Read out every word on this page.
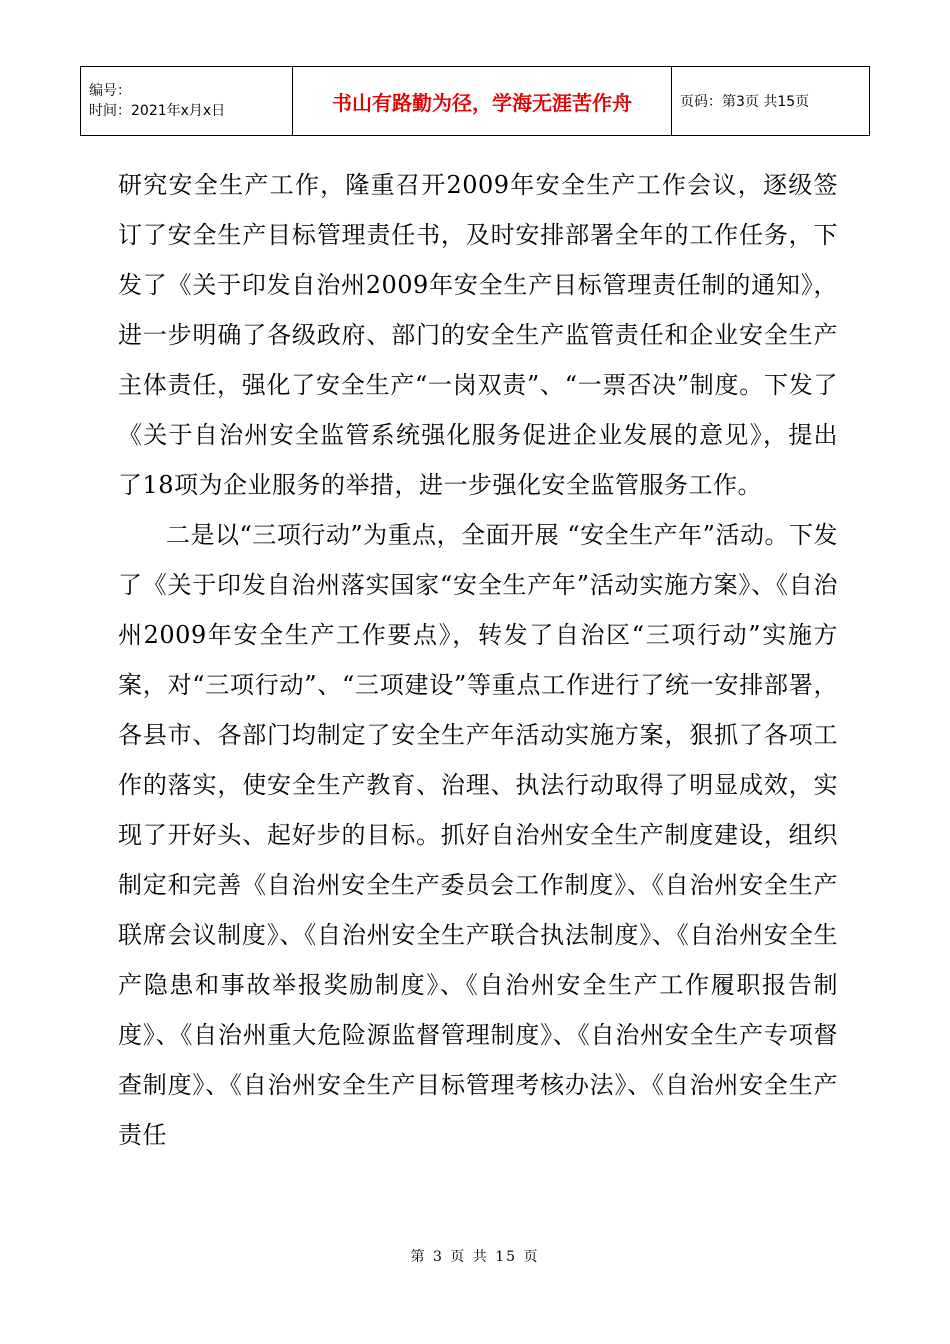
编号：
时间：2021年x月x日	书山有路勤为径，学海无涯苦作舟	页码：第3页 共15页

研究安全生产工作，隆重召开2009年安全生产工作会议，逐级签订了安全生产目标管理责任书，及时安排部署全年的工作任务，下发了《关于印发自治州2009年安全生产目标管理责任制的通知》，进一步明确了各级政府、部门的安全生产监管责任和企业安全生产主体责任，强化了安全生产“一岗双责”、“一票否决”制度。下发了《关于自治州安全监管系统强化服务促进企业发展的意见》，提出了18项为企业服务的举措，进一步强化安全监管服务工作。

二是以“三项行动”为重点，全面开展 “安全生产年”活动。下发了《关于印发自治州落实国家“安全生产年”活动实施方案》、《自治州2009年安全生产工作要点》，转发了自治区“三项行动”实施方案，对“三项行动”、“三项建设”等重点工作进行了统一安排部署，各县市、各部门均制定了安全生产年活动实施方案，狠抓了各项工作的落实，使安全生产教育、治理、执法行动取得了明显成效，实现了开好头、起好步的目标。抓好自治州安全生产制度建设，组织制定和完善《自治州安全生产委员会工作制度》、《自治州安全生产联席会议制度》、《自治州安全生产联合执法制度》、《自治州安全生产隐患和事故举报奖励制度》、《自治州安全生产工作履职报告制度》、《自治州重大危险源监督管理制度》、《自治州安全生产专项督查制度》、《自治州安全生产目标管理考核办法》、《自治州安全生产责任

第 3 页 共 15 页
